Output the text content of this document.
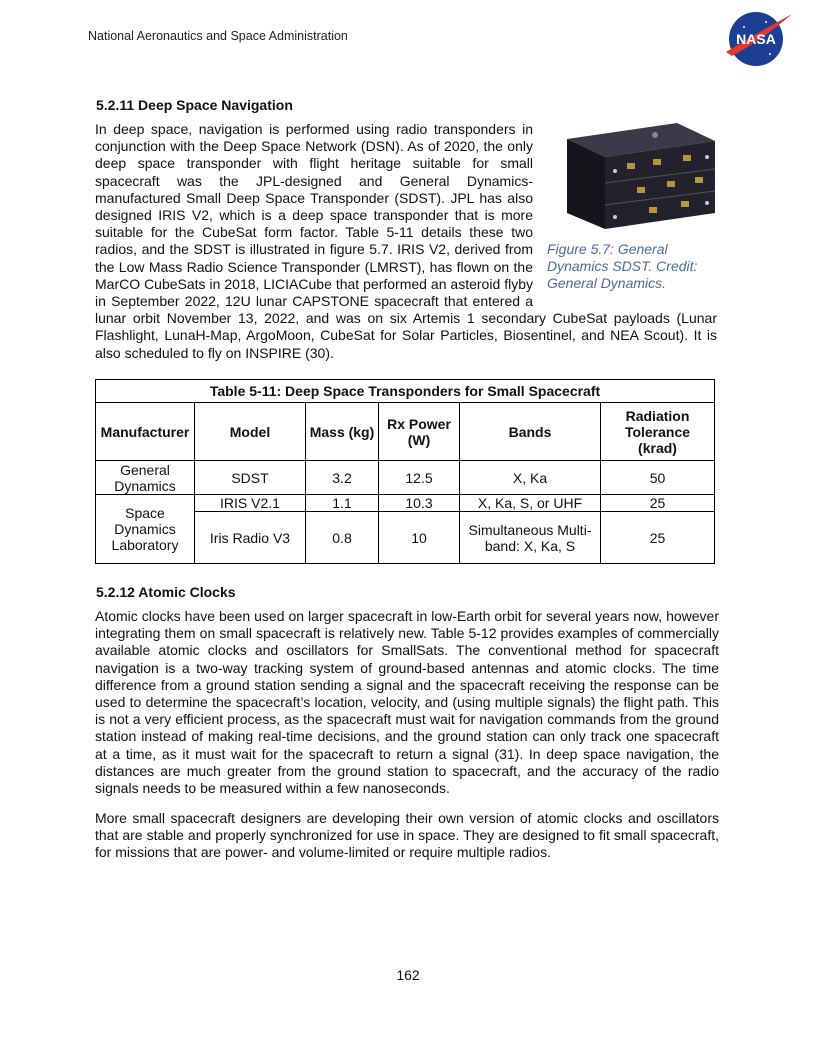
National Aeronautics and Space Administration	NASA
5.2.11 Deep Space Navigation
Figure 5.7: General Dynamics SDST. Credit: General Dynamics.
In deep space, navigation is performed using radio transponders in conjunction with the Deep Space Network (DSN). As of 2020, the only deep space transponder with flight heritage suitable for small spacecraft was the JPL-designed and General Dynamics-manufactured Small Deep Space Transponder (SDST). JPL has also designed IRIS V2, which is a deep space transponder that is more suitable for the CubeSat form factor. Table 5-11 details these two radios, and the SDST is illustrated in figure 5.7. IRIS V2, derived from the Low Mass Radio Science Transponder (LMRST), has flown on the MarCO CubeSats in 2018, LICIACube that performed an asteroid flyby in September 2022, 12U lunar CAPSTONE spacecraft that entered a lunar orbit November 13, 2022, and was on six Artemis 1 secondary CubeSat payloads (Lunar Flashlight, LunaH-Map, ArgoMoon, CubeSat for Solar Particles, Biosentinel, and NEA Scout). It is also scheduled to fly on INSPIRE (30).
Table 5-11: Deep Space Transponders for Small Spacecraft					
Manufacturer	Model	Mass (kg)	Rx Power (W)	Bands	Radiation Tolerance (krad)
General Dynamics	SDST	3.2	12.5	X, Ka	50
Space Dynamics Laboratory	IRIS V2.1	1.1	10.3	X, Ka, S, or UHF	25
	Iris Radio V3	0.8	10	Simultaneous Multi-band: X, Ka, S	25
5.2.12 Atomic Clocks

Atomic clocks have been used on larger spacecraft in low-Earth orbit for several years now, however integrating them on small spacecraft is relatively new. Table 5-12 provides examples of commercially available atomic clocks and oscillators for SmallSats. The conventional method for spacecraft navigation is a two-way tracking system of ground-based antennas and atomic clocks. The time difference from a ground station sending a signal and the spacecraft receiving the response can be used to determine the spacecraft’s location, velocity, and (using multiple signals) the flight path. This is not a very efficient process, as the spacecraft must wait for navigation commands from the ground station instead of making real-time decisions, and the ground station can only track one spacecraft at a time, as it must wait for the spacecraft to return a signal (31). In deep space navigation, the distances are much greater from the ground station to spacecraft, and the accuracy of the radio signals needs to be measured within a few nanoseconds.

More small spacecraft designers are developing their own version of atomic clocks and oscillators that are stable and properly synchronized for use in space. They are designed to fit small spacecraft, for missions that are power- and volume-limited or require multiple radios.

162
